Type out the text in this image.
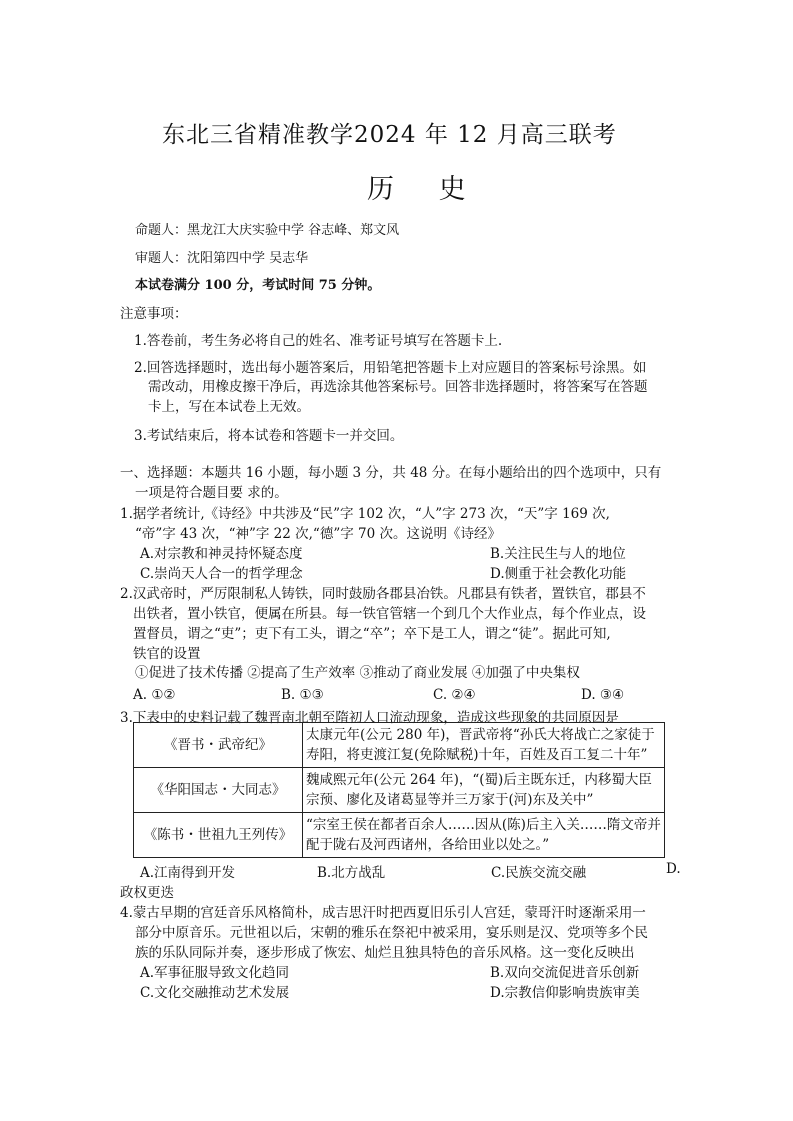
东北三省精准教学2024 年 12 月高三联考
历 史
命题人：黑龙江大庆实验中学 谷志峰、郑文风
审题人：沈阳第四中学 吴志华
本试卷满分 100 分，考试时间 75 分钟。
注意事项：
1.答卷前，考生务必将自己的姓名、准考证号填写在答题卡上.
2.回答选择题时，选出每小题答案后，用铅笔把答题卡上对应题目的答案标号涂黑。如
需改动，用橡皮擦干净后，再选涂其他答案标号。回答非选择题时，将答案写在答题
卡上，写在本试卷上无效。
3.考试结束后，将本试卷和答题卡一并交回。
一、选择题：本题共 16 小题，每小题 3 分，共 48 分。在每小题给出的四个选项中，只有
一项是符合题目要 求的。
1.据学者统计,《诗经》中共涉及“民”字 102 次，“人”字 273 次，“天”字 169 次,
“帝”字 43 次，“神”字 22 次,“德”字 70 次。这说明《诗经》
A.对宗教和神灵持怀疑态度	B.关注民生与人的地位
C.崇尚天人合一的哲学理念	D.侧重于社会教化功能
2.汉武帝时，严厉限制私人铸铁，同时鼓励各郡县冶铁。凡郡县有铁者，置铁官，郡县不
出铁者，置小铁官，便属在所县。每一铁官管辖一个到几个大作业点，每个作业点，设
置督员，谓之“吏”；吏下有工头，谓之“卒”；卒下是工人，谓之“徒”。据此可知,
铁官的设置
①促进了技术传播 ②提高了生产效率 ③推动了商业发展 ④加强了中央集权
A. ①②	B. ①③	C. ②④	D. ③④
3.下表中的史料记载了魏晋南北朝至隋初人口流动现象，造成这些现象的共同原因是
《晋书・武帝纪》	太康元年(公元 280 年)，晋武帝将“孙氏大将战亡之家徒于寿阳，将吏渡江复(免除赋税)十年，百姓及百工复二十年”
《华阳国志・大同志》	魏咸熙元年(公元 264 年)，“(蜀)后主既东迁，内移蜀大臣宗预、廖化及诸葛显等并三万家于(河)东及关中”
《陈书・世祖九王列传》	“宗室王侯在都者百余人……因从(陈)后主入关……隋文帝并配于陇右及河西诸州，各给田业以处之。”
A.江南得到开发	B.北方战乱	C.民族交流交融	D.
政权更迭
4.蒙古早期的宫廷音乐风格简朴，成吉思汗时把西夏旧乐引人宫廷，蒙哥汗时逐渐采用一
部分中原音乐。元世祖以后，宋朝的雅乐在祭祀中被采用，宴乐则是汉、党项等多个民
族的乐队同际并奏，逐步形成了恢宏、灿烂且独具特色的音乐风格。这一变化反映出
A.军事征服导致文化趋同	B.双向交流促进音乐创新
C.文化交融推动艺术发展	D.宗教信仰影响贵族审美
